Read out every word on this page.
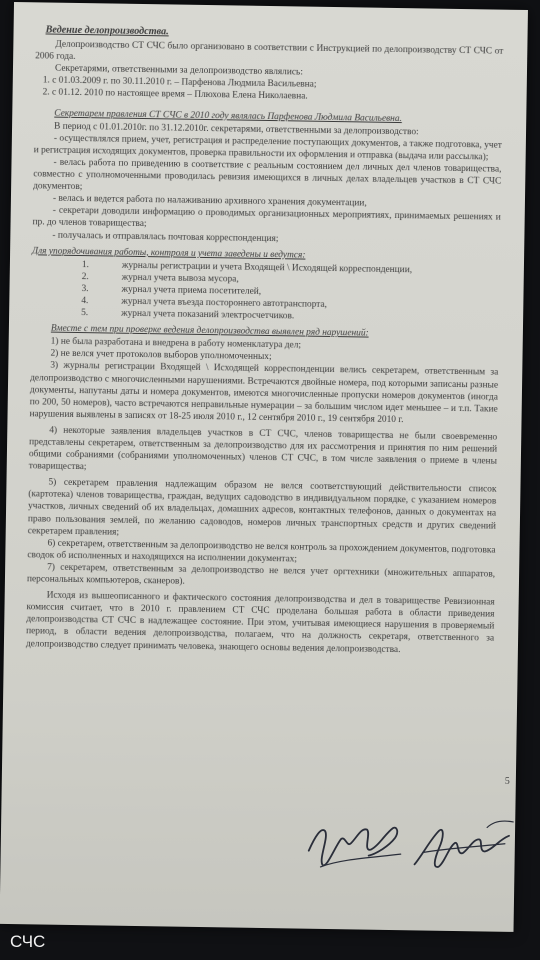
Ведение делопроизводства.

Делопроизводство СТ СЧС было организовано в соответствии с Инструкцией по делопроизводству СТ СЧС от 2006 года.

Секретарями, ответственными за делопроизводство являлись:

1. с 01.03.2009 г. по 30.11.2010 г. – Парфенова Людмила Васильевна;

2. с 01.12. 2010 по настоящее время – Плюхова Елена Николаевна.

Секретарем правления СТ СЧС в 2010 году являлась Парфенова Людмила Васильевна.

В период с 01.01.2010г. по 31.12.2010г. секретарями, ответственными за делопроизводство:

- осуществлялся прием, учет, регистрация и распределение поступающих документов, а также подготовка, учет и регистрация исходящих документов, проверка правильности их оформления и отправка (выдача или рассылка);

- велась работа по приведению в соответствие с реальным состоянием дел личных дел членов товарищества, совместно с уполномоченными проводилась ревизия имеющихся в личных делах владельцев участков в СТ СЧС документов;

- велась и ведется работа по налаживанию архивного хранения документации,

- секретари доводили информацию о проводимых организационных мероприятиях, принимаемых решениях и пр. до членов товарищества;

- получалась и отправлялась почтовая корреспонденция;

Для упорядочивания работы, контроля и учета заведены и ведутся:

1.	журналы регистрации и учета Входящей \ Исходящей корреспонденции,
2.	журнал учета вывоза мусора,
3.	журнал учета приема посетителей,
4.	журнал учета въезда постороннего автотранспорта,
5.	журнал учета показаний электросчетчиков.

Вместе с тем при проверке ведения делопроизводства выявлен ряд нарушений:

1) не была разработана и внедрена в работу номенклатура дел;

2) не велся учет протоколов выборов уполномоченных;

3) журналы регистрации Входящей \ Исходящей корреспонденции велись секретарем, ответственным за делопроизводство с многочисленными нарушениями. Встречаются двойные номера, под которыми записаны разные документы, напутаны даты и номера документов, имеются многочисленные пропуски номеров документов (иногда по 200, 50 номеров), часто встречаются неправильные нумерации – за большим числом идет меньшее – и т.п. Такие нарушения выявлены в записях от 18-25 июля 2010 г., 12 сентября 2010 г., 19 сентября 2010 г.

4) некоторые заявления владельцев участков в СТ СЧС, членов товарищества не были своевременно представлены секретарем, ответственным за делопроизводство для их рассмотрения и принятия по ним решений общими собраниями (собраниями уполномоченных) членов СТ СЧС, в том числе заявления о приеме в члены товарищества;

5) секретарем правления надлежащим образом не велся соответствующий действительности список (картотека) членов товарищества, граждан, ведущих садоводство в индивидуальном порядке, с указанием номеров участков, личных сведений об их владельцах, домашних адресов, контактных телефонов, данных о документах на право пользования землей, по желанию садоводов, номеров личных транспортных средств и других сведений секретарем правления;

6) секретарем, ответственным за делопроизводство не велся контроль за прохождением документов, подготовка сводок об исполненных и находящихся на исполнении документах;

7) секретарем, ответственным за делопроизводство не велся учет оргтехники (множительных аппаратов, персональных компьютеров, сканеров).

Исходя из вышеописанного и фактического состояния делопроизводства и дел в товариществе Ревизионная комиссия считает, что в 2010 г. правлением СТ СЧС проделана большая работа в области приведения делопроизводства СТ СЧС в надлежащее состояние. При этом, учитывая имеющиеся нарушения в проверяемый период, в области ведения делопроизводства, полагаем, что на должность секретаря, ответственного за делопроизводство следует принимать человека, знающего основы ведения делопроизводства.

5
СЧС
